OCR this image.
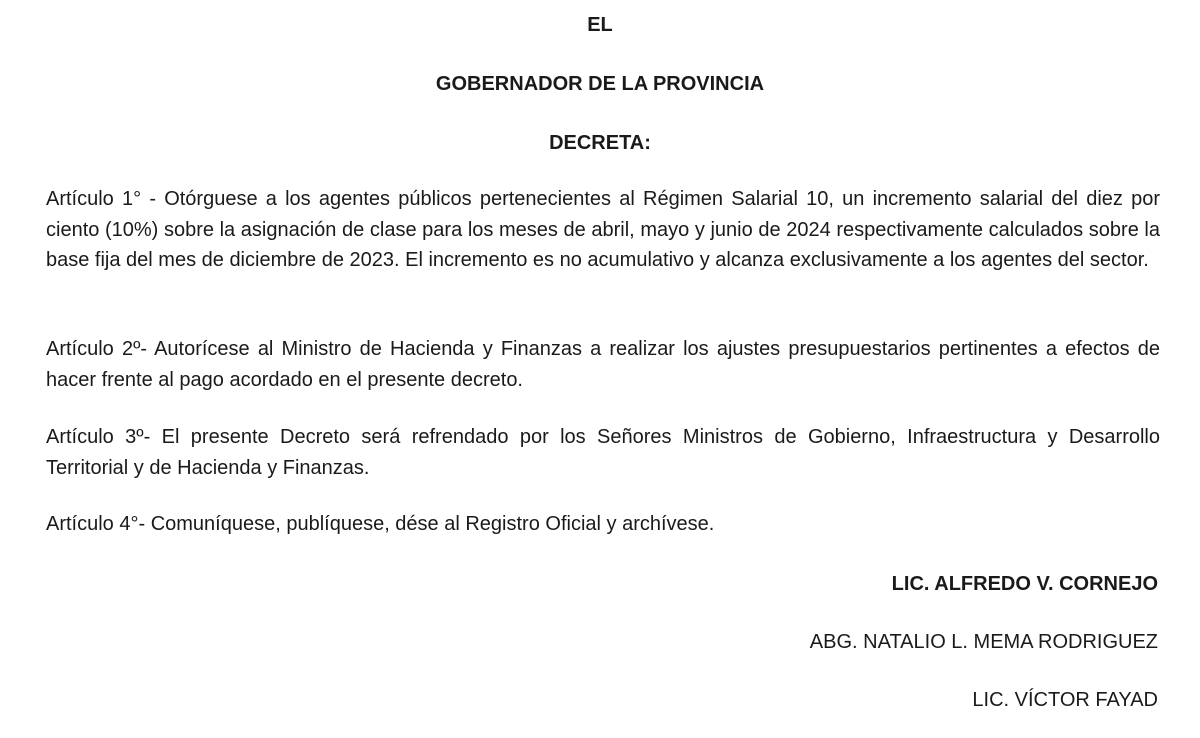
EL

GOBERNADOR DE LA PROVINCIA

DECRETA:

Artículo 1° - Otórguese a los agentes públicos pertenecientes al Régimen Salarial 10, un incremento salarial del diez por ciento (10%) sobre la asignación de clase para los meses de abril, mayo y junio de 2024 respectivamente calculados sobre la base fija del mes de diciembre de 2023. El incremento es no acumulativo y alcanza exclusivamente a los agentes del sector.

Artículo 2º- Autorícese al Ministro de Hacienda y Finanzas a realizar los ajustes presupuestarios pertinentes a efectos de hacer frente al pago acordado en el presente decreto.

Artículo 3º- El presente Decreto será refrendado por los Señores Ministros de Gobierno, Infraestructura y Desarrollo Territorial y de Hacienda y Finanzas.

Artículo 4°- Comuníquese, publíquese, dése al Registro Oficial y archívese.

LIC. ALFREDO V. CORNEJO

ABG. NATALIO L. MEMA RODRIGUEZ

LIC. VÍCTOR FAYAD
